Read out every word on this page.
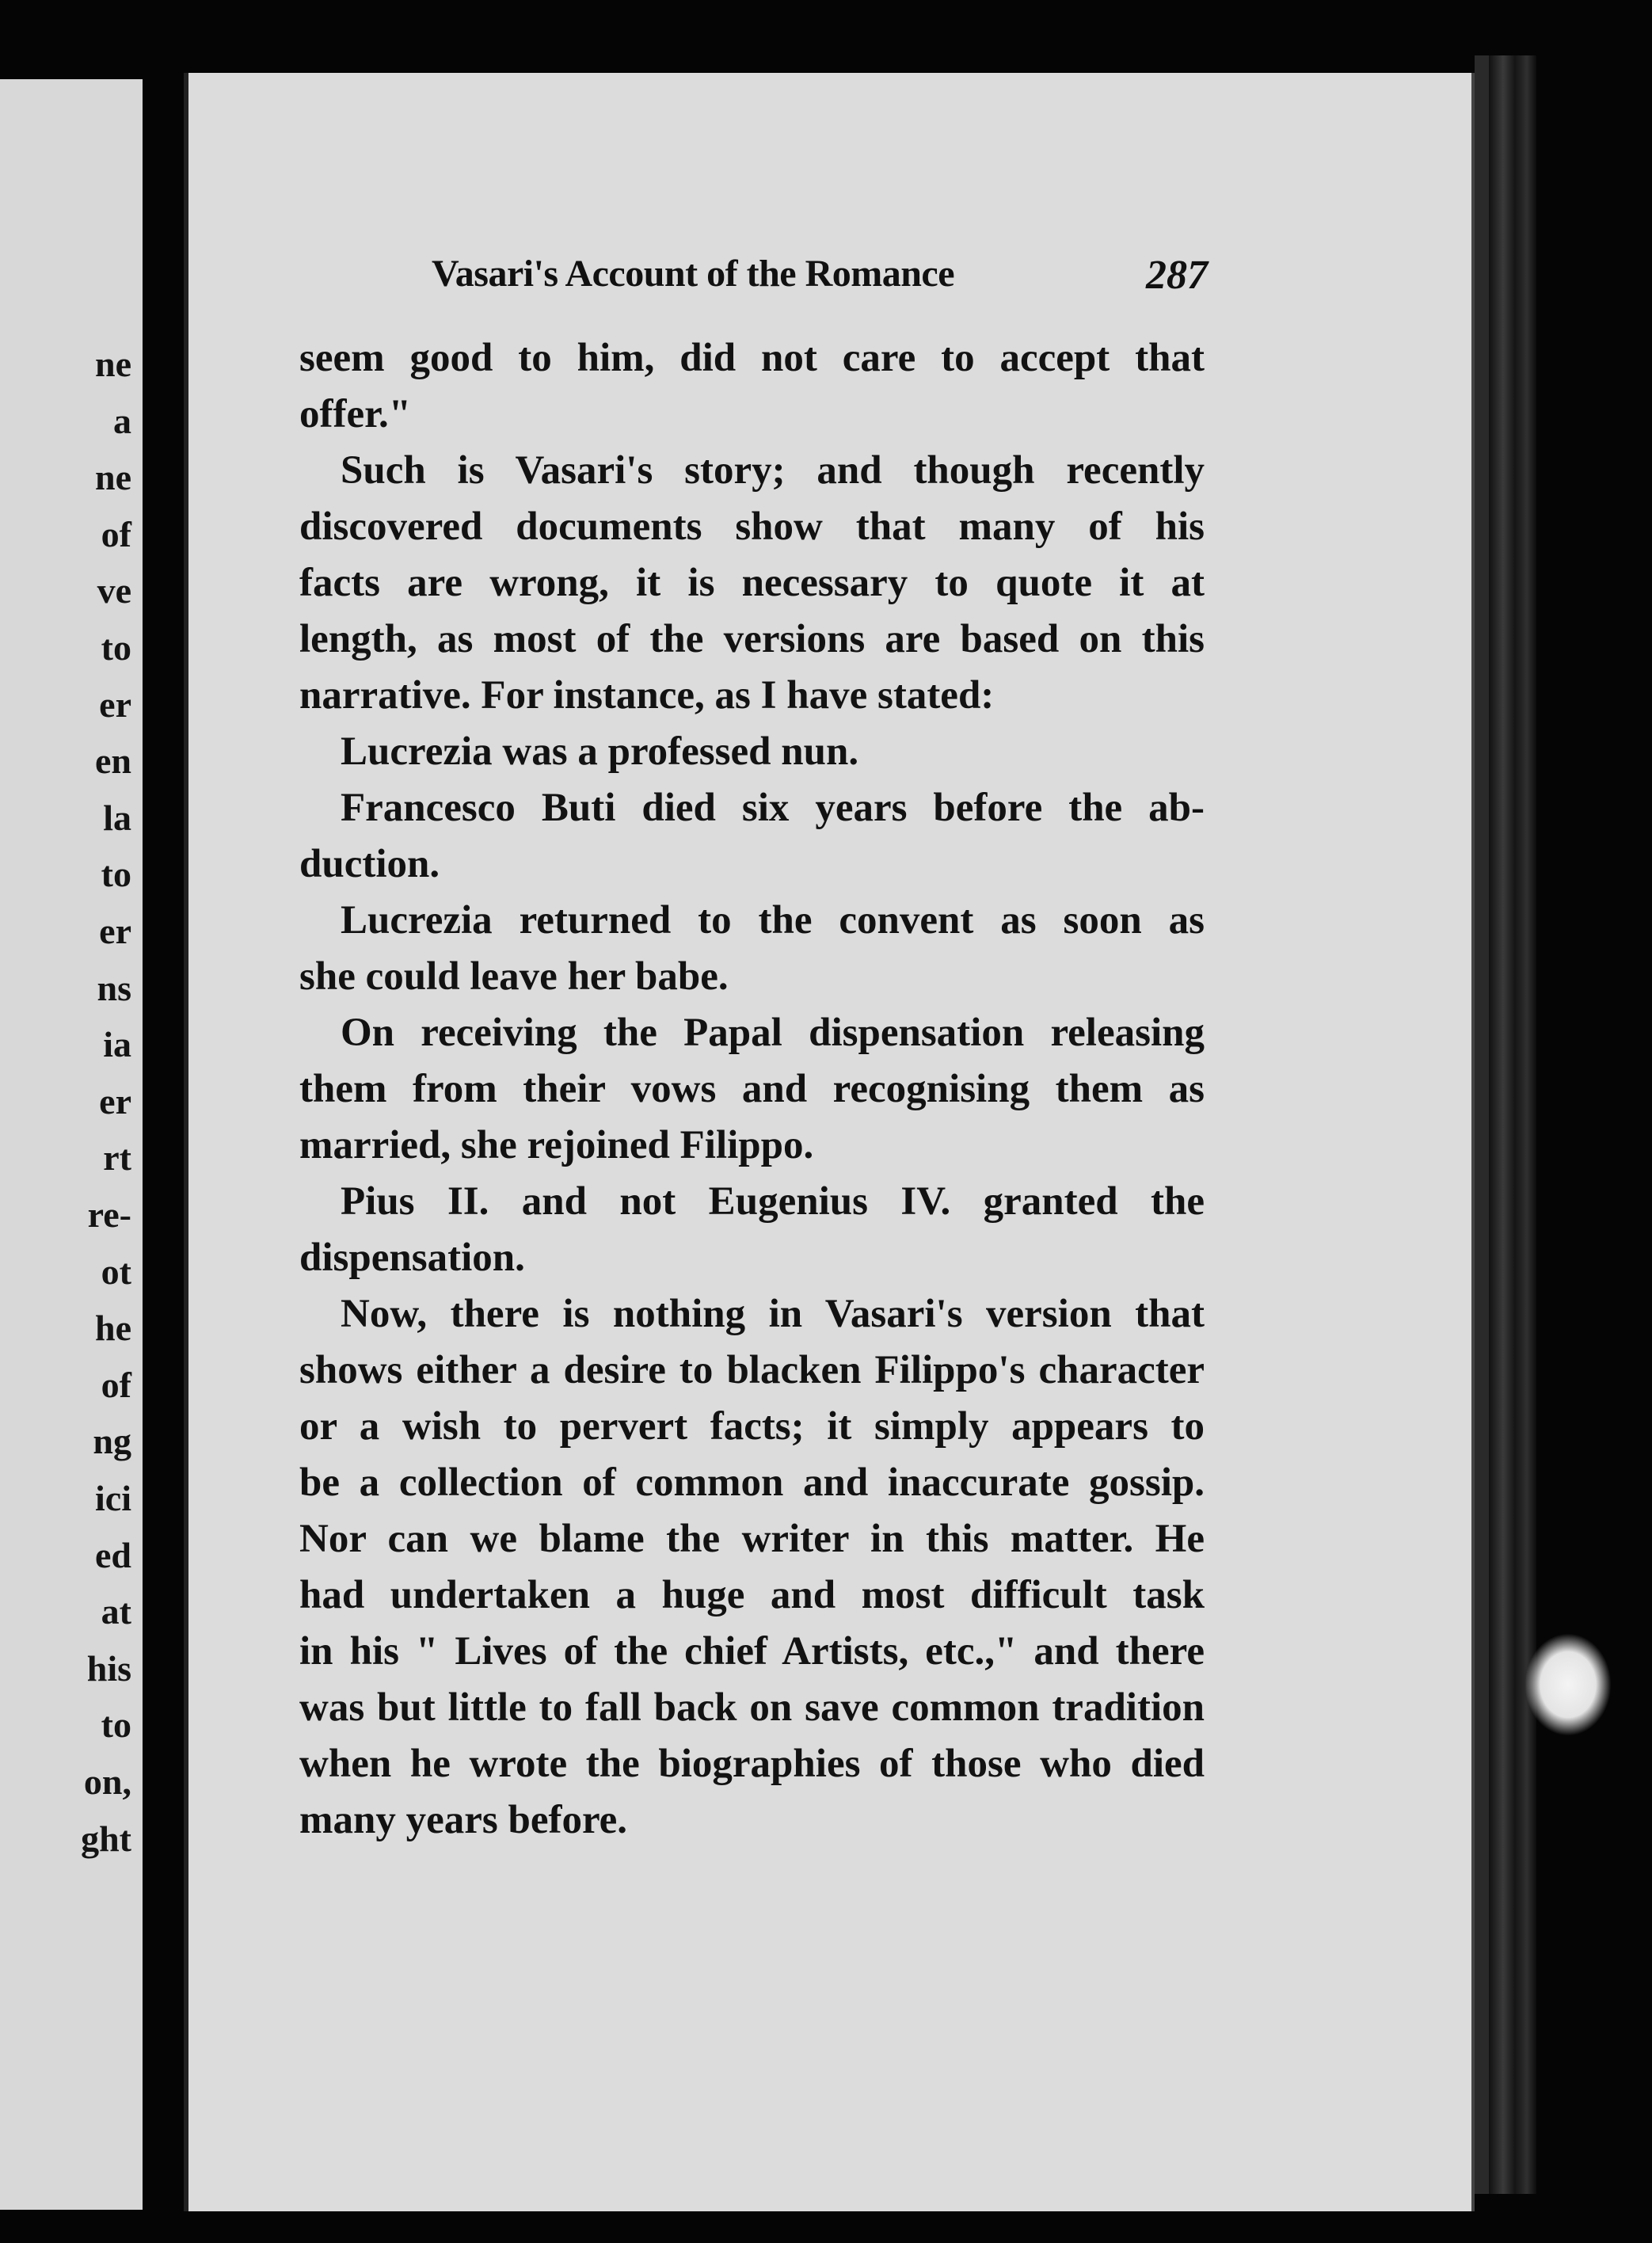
ne
a
ne
of
ve
to
er
en
la
to
er
ns
ia
er
rt
re-
ot
he
of
ng
ici
ed
at
his
to
on,
ght
Vasari's Account of the Romance	287
seem good to him, did not care to accept that
offer."
Such is Vasari's story; and though recently
discovered documents show that many of his
facts are wrong, it is necessary to quote it at
length, as most of the versions are based on this
narrative. For instance, as I have stated:
Lucrezia was a professed nun.
Francesco Buti died six years before the ab-
duction.
Lucrezia returned to the convent as soon as
she could leave her babe.
On receiving the Papal dispensation releasing
them from their vows and recognising them as
married, she rejoined Filippo.
Pius II. and not Eugenius IV. granted the
dispensation.
Now, there is nothing in Vasari's version that
shows either a desire to blacken Filippo's character
or a wish to pervert facts; it simply appears to
be a collection of common and inaccurate gossip.
Nor can we blame the writer in this matter. He
had undertaken a huge and most difficult task
in his " Lives of the chief Artists, etc.," and there
was but little to fall back on save common tradition
when he wrote the biographies of those who died
many years before.
